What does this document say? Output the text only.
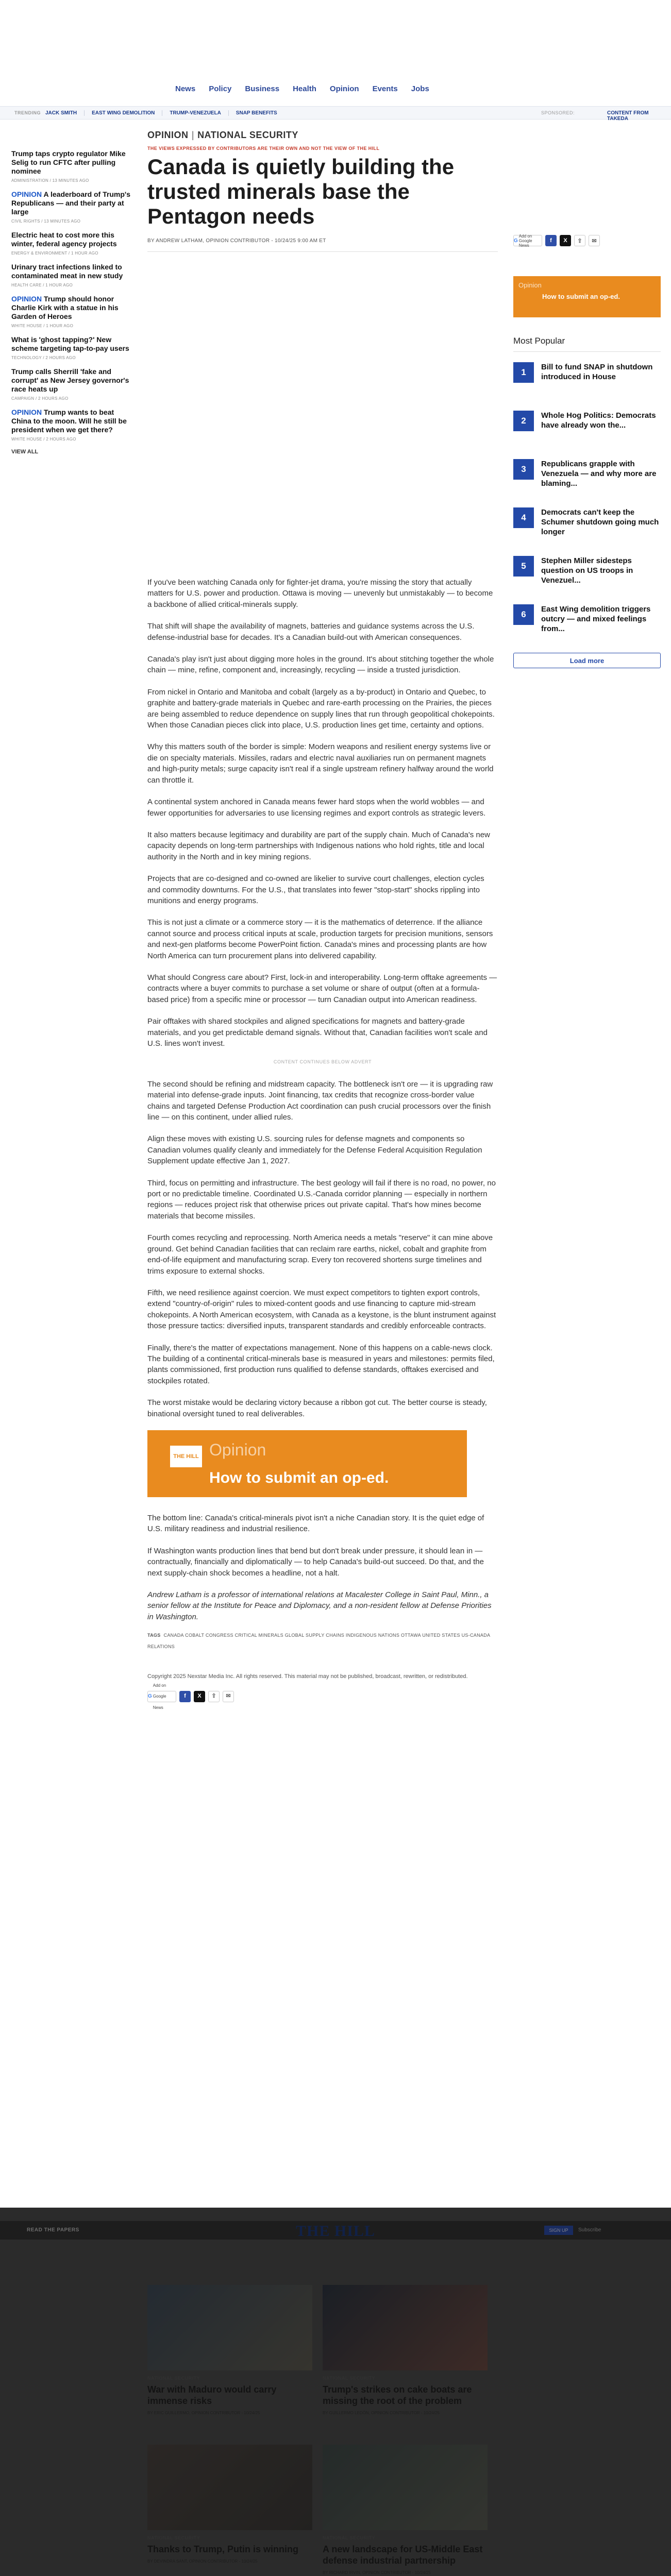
News Policy Business Health Opinion Events Jobs
TRENDING JACK SMITH	EAST WING DEMOLITION	TRUMP-VENEZUELA	SNAP BENEFITS	SPONSORED:	CONTENT FROM TAKEDA
Trump taps crypto regulator Mike Selig to run CFTC after pulling nominee
ADMINISTRATION / 13 MINUTES AGO
OPINION A leaderboard of Trump's Republicans — and their party at large
CIVIL RIGHTS / 13 MINUTES AGO
Electric heat to cost more this winter, federal agency projects
ENERGY & ENVIRONMENT / 1 HOUR AGO
Urinary tract infections linked to contaminated meat in new study
HEALTH CARE / 1 HOUR AGO
OPINION Trump should honor Charlie Kirk with a statue in his Garden of Heroes
WHITE HOUSE / 1 HOUR AGO
What is 'ghost tapping?' New scheme targeting tap-to-pay users
TECHNOLOGY / 2 HOURS AGO
Trump calls Sherrill 'fake and corrupt' as New Jersey governor's race heats up
CAMPAIGN / 2 HOURS AGO
OPINION Trump wants to beat China to the moon. Will he still be president when we get there?
WHITE HOUSE / 2 HOURS AGO
VIEW ALL
OPINION | NATIONAL SECURITY
THE VIEWS EXPRESSED BY CONTRIBUTORS ARE THEIR OWN AND NOT THE VIEW OF THE HILL
Canada is quietly building the trusted minerals base the Pentagon needs
BY ANDREW LATHAM, OPINION CONTRIBUTOR - 10/24/25 9:00 AM ET	G
Add on Google News
f X ⇪ ✉
Opinion
How to submit an op-ed.
Most Popular
1
Bill to fund SNAP in shutdown introduced in House
2
Whole Hog Politics: Democrats have already won the...
3
Republicans grapple with Venezuela — and why more are blaming...
4
Democrats can't keep the Schumer shutdown going much longer
5
Stephen Miller sidesteps question on US troops in Venezuel...
6
East Wing demolition triggers outcry — and mixed feelings from...
Load more

If you've been watching Canada only for fighter-jet drama, you're missing the story that actually matters for U.S. power and production. Ottawa is moving — unevenly but unmistakably — to become a backbone of allied critical-minerals supply.

That shift will shape the availability of magnets, batteries and guidance systems across the U.S. defense-industrial base for decades. It's a Canadian build-out with American consequences.

Canada's play isn't just about digging more holes in the ground. It's about stitching together the whole chain — mine, refine, component and, increasingly, recycling — inside a trusted jurisdiction.

From nickel in Ontario and Manitoba and cobalt (largely as a by-product) in Ontario and Quebec, to graphite and battery-grade materials in Quebec and rare-earth processing on the Prairies, the pieces are being assembled to reduce dependence on supply lines that run through geopolitical chokepoints. When those Canadian pieces click into place, U.S. production lines get time, certainty and options.

Why this matters south of the border is simple: Modern weapons and resilient energy systems live or die on specialty materials. Missiles, radars and electric naval auxiliaries run on permanent magnets and high-purity metals; surge capacity isn't real if a single upstream refinery halfway around the world can throttle it.

A continental system anchored in Canada means fewer hard stops when the world wobbles — and fewer opportunities for adversaries to use licensing regimes and export controls as strategic levers.

It also matters because legitimacy and durability are part of the supply chain. Much of Canada's new capacity depends on long-term partnerships with Indigenous nations who hold rights, title and local authority in the North and in key mining regions.

Projects that are co-designed and co-owned are likelier to survive court challenges, election cycles and commodity downturns. For the U.S., that translates into fewer "stop-start" shocks rippling into munitions and energy programs.

This is not just a climate or a commerce story — it is the mathematics of deterrence. If the alliance cannot source and process critical inputs at scale, production targets for precision munitions, sensors and next-gen platforms become PowerPoint fiction. Canada's mines and processing plants are how North America can turn procurement plans into delivered capability.

What should Congress care about? First, lock-in and interoperability. Long-term offtake agreements — contracts where a buyer commits to purchase a set volume or share of output (often at a formula-based price) from a specific mine or processor — turn Canadian output into American readiness.

Pair offtakes with shared stockpiles and aligned specifications for magnets and battery-grade materials, and you get predictable demand signals. Without that, Canadian facilities won't scale and U.S. lines won't invest.

CONTENT CONTINUES BELOW ADVERT

The second should be refining and midstream capacity. The bottleneck isn't ore — it is upgrading raw material into defense-grade inputs. Joint financing, tax credits that recognize cross-border value chains and targeted Defense Production Act coordination can push crucial processors over the finish line — on this continent, under allied rules.

Align these moves with existing U.S. sourcing rules for defense magnets and components so Canadian volumes qualify cleanly and immediately for the Defense Federal Acquisition Regulation Supplement update effective Jan 1, 2027.

Third, focus on permitting and infrastructure. The best geology will fail if there is no road, no power, no port or no predictable timeline. Coordinated U.S.-Canada corridor planning — especially in northern regions — reduces project risk that otherwise prices out private capital. That's how mines become materials that become missiles.

Fourth comes recycling and reprocessing. North America needs a metals "reserve" it can mine above ground. Get behind Canadian facilities that can reclaim rare earths, nickel, cobalt and graphite from end-of-life equipment and manufacturing scrap. Every ton recovered shortens surge timelines and trims exposure to external shocks.

Fifth, we need resilience against coercion. We must expect competitors to tighten export controls, extend "country-of-origin" rules to mixed-content goods and use financing to capture mid-stream chokepoints. A North American ecosystem, with Canada as a keystone, is the blunt instrument against those pressure tactics: diversified inputs, transparent standards and credibly enforceable contracts.

Finally, there's the matter of expectations management. None of this happens on a cable-news clock. The building of a continental critical-minerals base is measured in years and milestones: permits filed, plants commissioned, first production runs qualified to defense standards, offtakes exercised and stockpiles rotated.

The worst mistake would be declaring victory because a ribbon got cut. The better course is steady, binational oversight tuned to real deliverables.

THE HILL Opinion
How to submit an op-ed.

The bottom line: Canada's critical-minerals pivot isn't a niche Canadian story. It is the quiet edge of U.S. military readiness and industrial resilience.

If Washington wants production lines that bend but don't break under pressure, it should lean in — contractually, financially and diplomatically — to help Canada's build-out succeed. Do that, and the next supply-chain shock becomes a headline, not a halt.

Andrew Latham is a professor of international relations at Macalester College in Saint Paul, Minn., a senior fellow at the Institute for Peace and Diplomacy, and a non-resident fellow at Defense Priorities in Washington.

TAGS CANADA COBALT CONGRESS CRITICAL MINERALS GLOBAL SUPPLY CHAINS INDIGENOUS NATIONS OTTAWA UNITED STATES US-CANADA RELATIONS
Copyright 2025 Nexstar Media Inc. All rights reserved. This material may not be published, broadcast, rewritten, or redistributed.
G
Add on Google News
f X ⇪ ✉
READ THE PAPERS	THE HILL	SIGN UP	Subscribe
NATIONAL SECURITY
War with Maduro would carry immense risks
BY ERIC GUILLERMO, OPINION CONTRIBUTOR - 10/24/25
NATIONAL SECURITY
Trump's strikes on cake boats are missing the root of the problem
BY GUILLERMO LEDÓN, OPINION CONTRIBUTOR - 10/24/25
NATIONAL SECURITY
Thanks to Trump, Putin is winning
BY DEVINDRA SANT, OPINION CONTRIBUTOR - 10/24/25
NATIONAL SECURITY
A new landscape for US-Middle East defense industrial partnership
BY RICHARD IRVIN, OPINION CONTRIBUTOR - 10/24/25
